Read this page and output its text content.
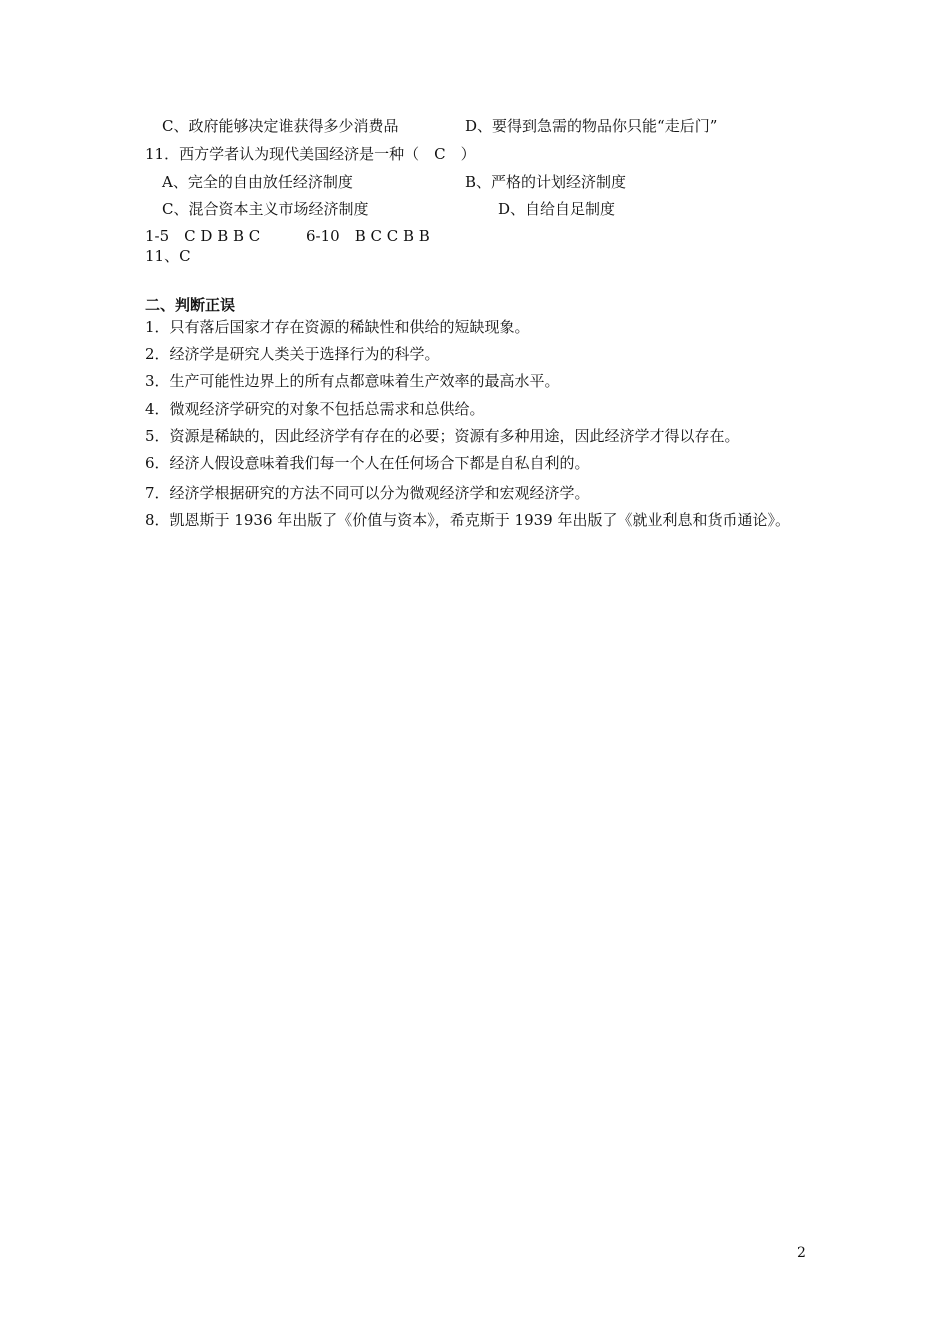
C、政府能够决定谁获得多少消费品	D、要得到急需的物品你只能“走后门”
11．西方学者认为现代美国经济是一种（　C　）
A、完全的自由放任经济制度	B、严格的计划经济制度
C、混合资本主义市场经济制度	D、自给自足制度
1-5　C D B B C	6-10　B C C B B
11、C
二、判断正误
1．只有落后国家才存在资源的稀缺性和供给的短缺现象。
2．经济学是研究人类关于选择行为的科学。
3．生产可能性边界上的所有点都意味着生产效率的最高水平。
4．微观经济学研究的对象不包括总需求和总供给。
5．资源是稀缺的，因此经济学有存在的必要；资源有多种用途，因此经济学才得以存在。
6．经济人假设意味着我们每一个人在任何场合下都是自私自利的。
7．经济学根据研究的方法不同可以分为微观经济学和宏观经济学。
8．凯恩斯于 1936 年出版了《价值与资本》，希克斯于 1939 年出版了《就业利息和货币通论》。
2
